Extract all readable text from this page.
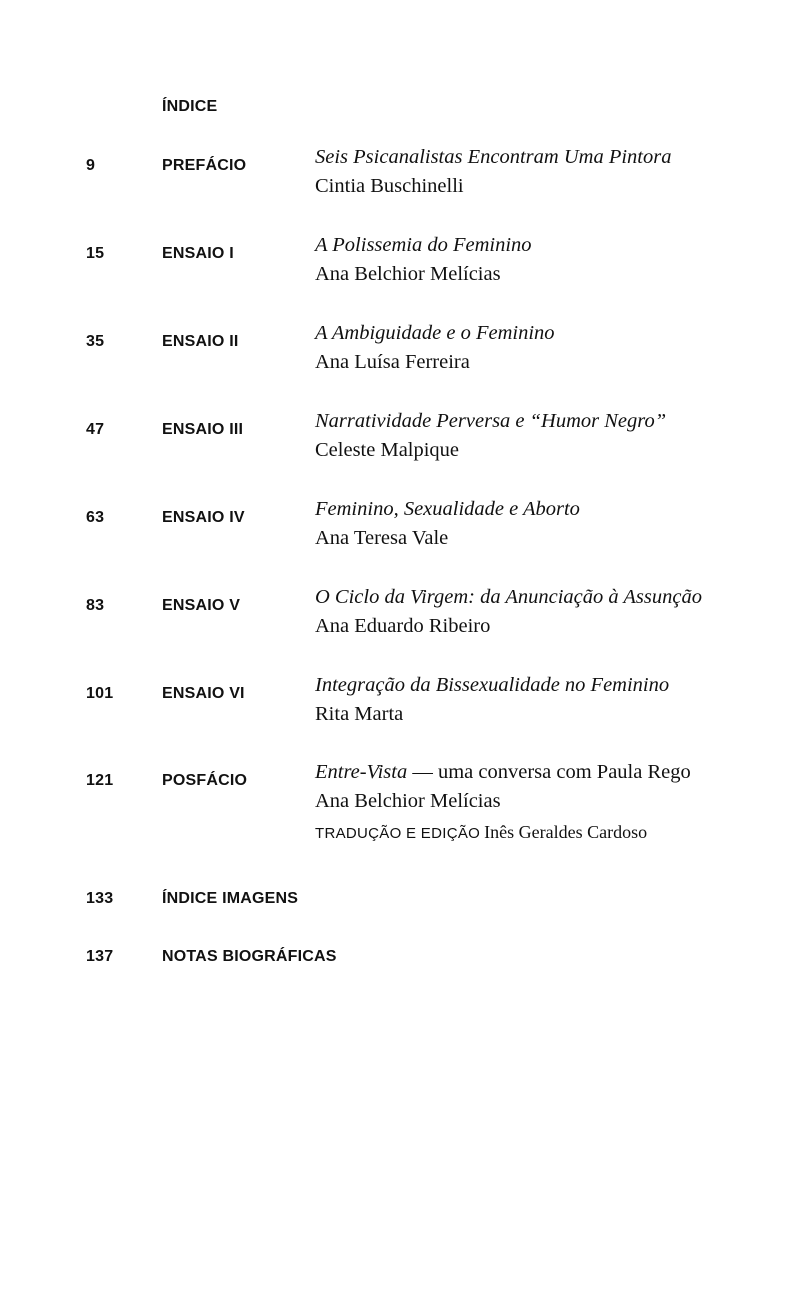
ÍNDICE
9	PREFÁCIO	Seis Psicanalistas Encontram Uma Pintora
Cintia Buschinelli
15	ENSAIO I	A Polissemia do Feminino
Ana Belchior Melícias
35	ENSAIO II	A Ambiguidade e o Feminino
Ana Luísa Ferreira
47	ENSAIO III	Narratividade Perversa e “Humor Negro”
Celeste Malpique
63	ENSAIO IV	Feminino, Sexualidade e Aborto
Ana Teresa Vale
83	ENSAIO V	O Ciclo da Virgem: da Anunciação à Assunção
Ana Eduardo Ribeiro
101	ENSAIO VI	Integração da Bissexualidade no Feminino
Rita Marta
121	POSFÁCIO	Entre-Vista — uma conversa com Paula Rego
Ana Belchior Melícias
TRADUÇÃO E EDIÇÃO Inês Geraldes Cardoso
133	ÍNDICE IMAGENS
137	NOTAS BIOGRÁFICAS
